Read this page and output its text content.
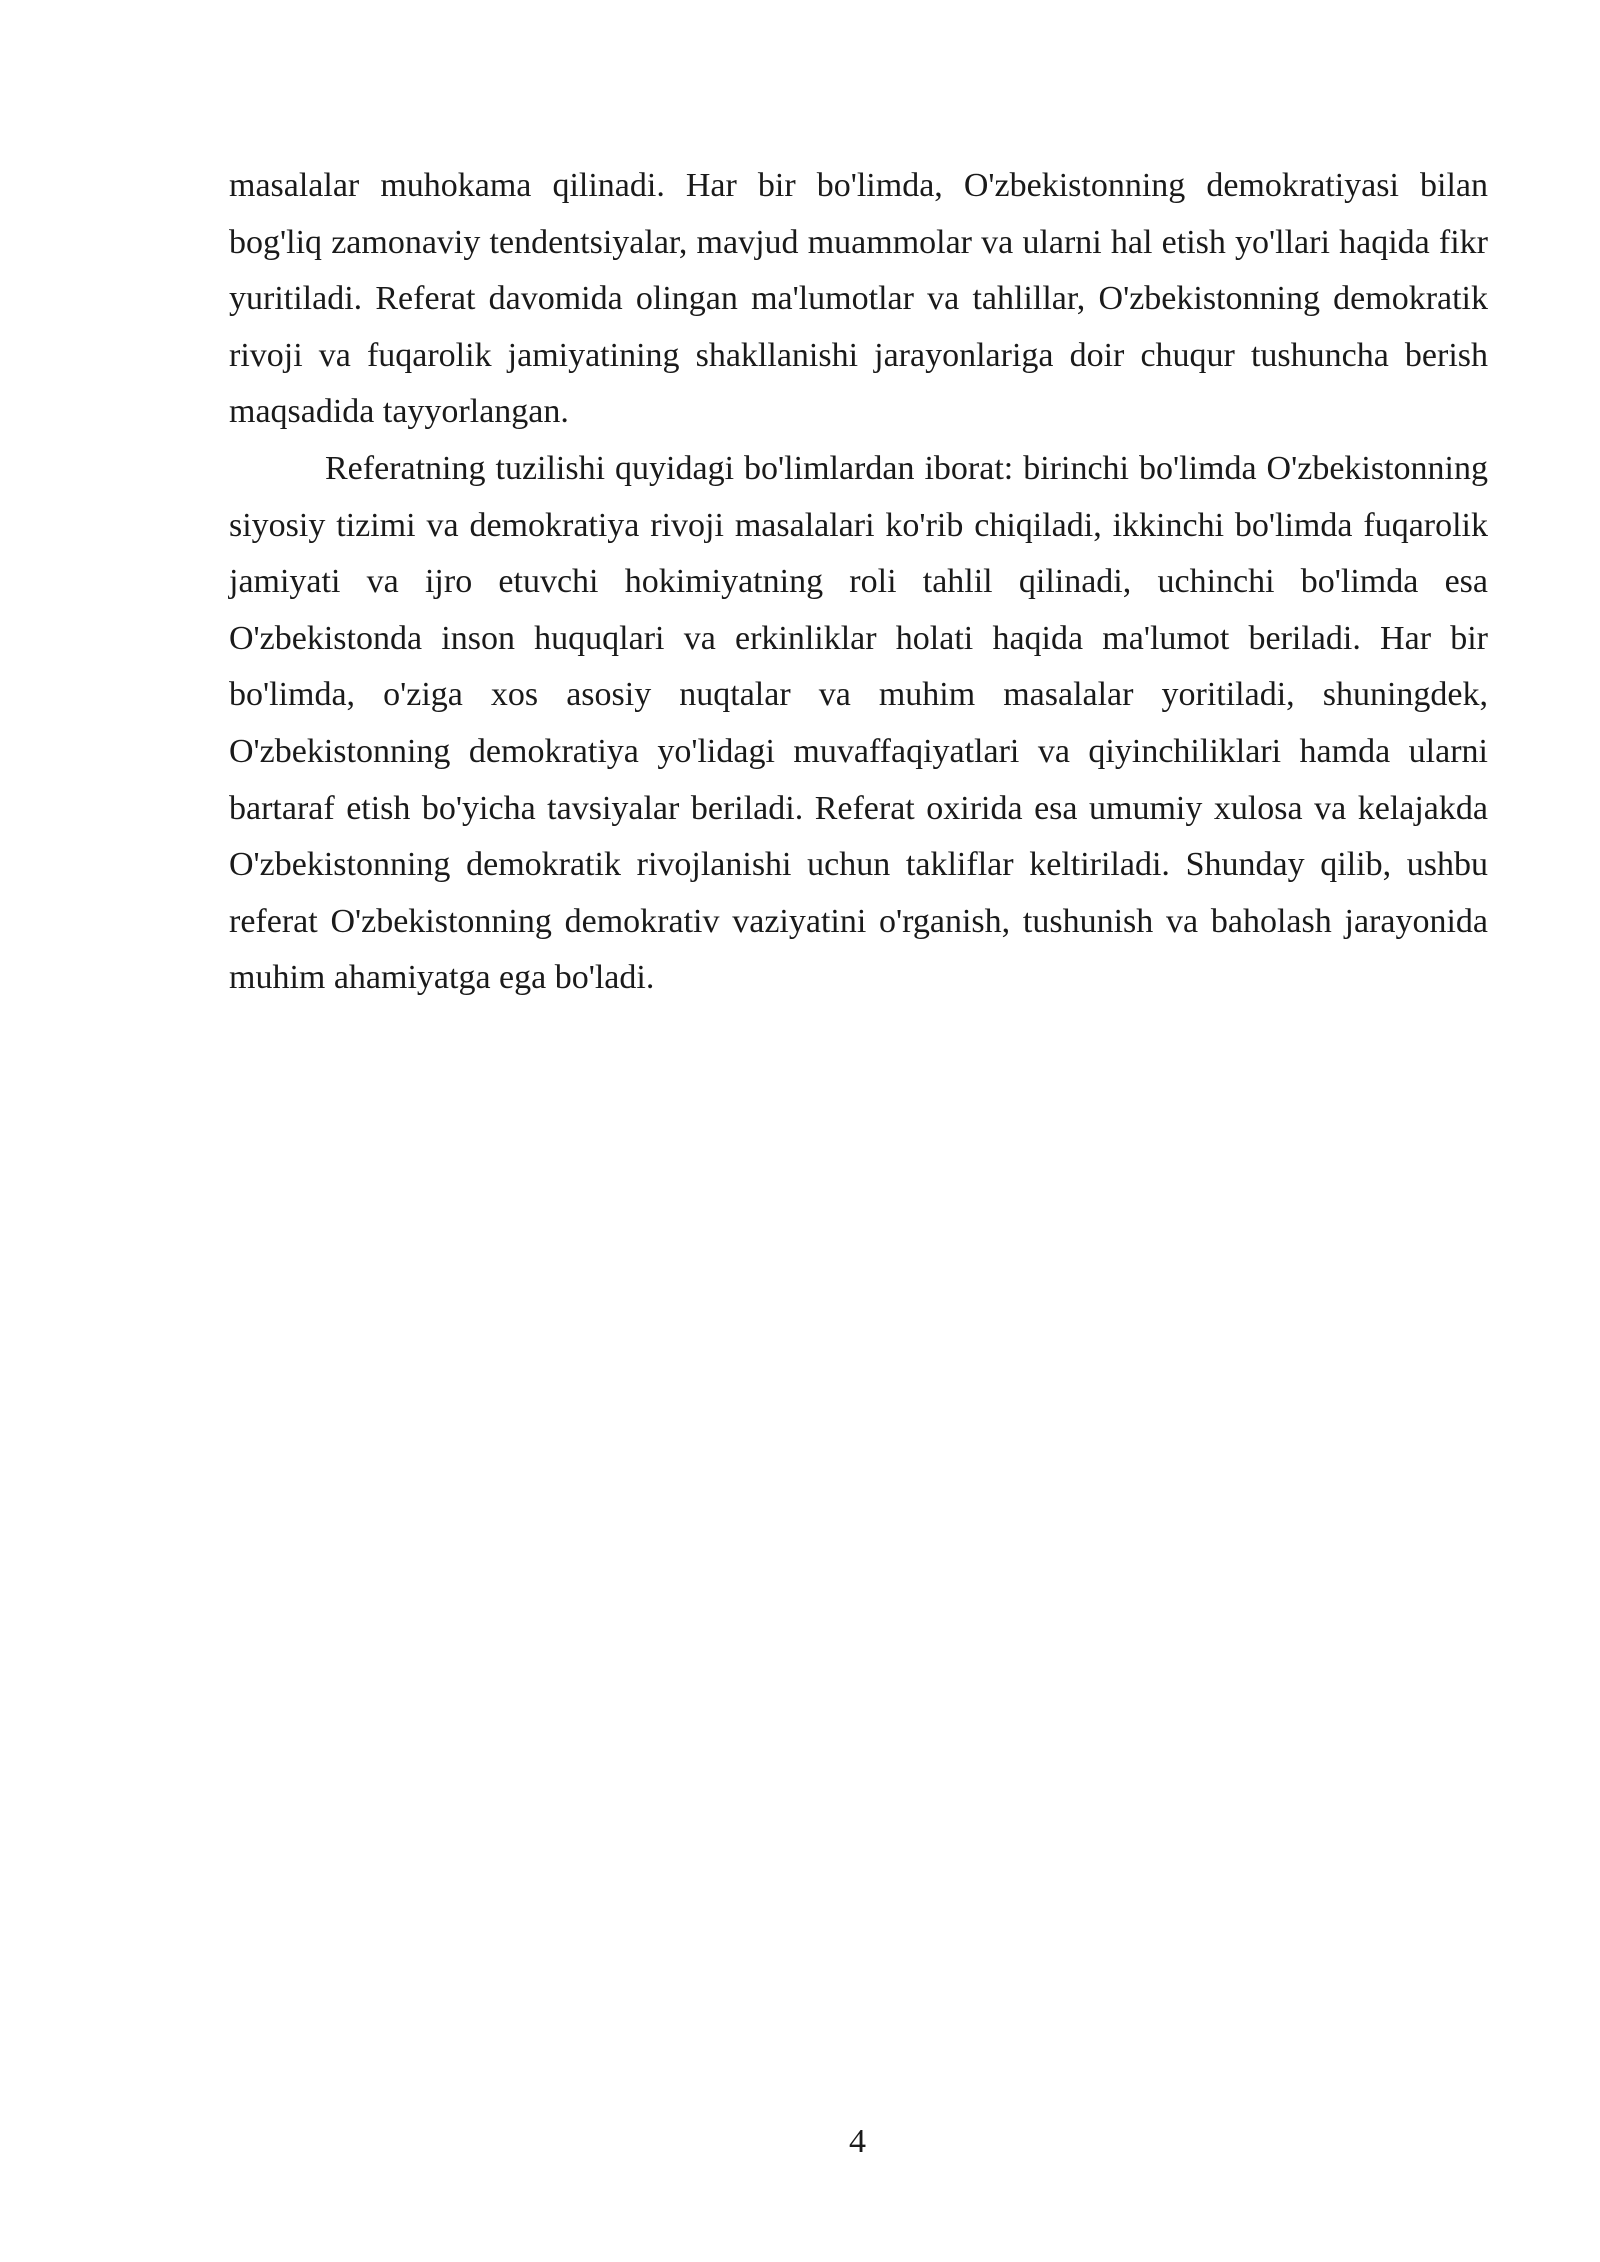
masalalar muhokama qilinadi. Har bir bo'limda, O'zbekistonning demokratiyasi bilan bog'liq zamonaviy tendentsiyalar, mavjud muammolar va ularni hal etish yo'llari haqida fikr yuritiladi. Referat davomida olingan ma'lumotlar va tahlillar, O'zbekistonning demokratik rivoji va fuqarolik jamiyatining shakllanishi jarayonlariga doir chuqur tushuncha berish maqsadida tayyorlangan.

Referatning tuzilishi quyidagi bo'limlardan iborat: birinchi bo'limda O'zbekistonning siyosiy tizimi va demokratiya rivoji masalalari ko'rib chiqiladi, ikkinchi bo'limda fuqarolik jamiyati va ijro etuvchi hokimiyatning roli tahlil qilinadi, uchinchi bo'limda esa O'zbekistonda inson huquqlari va erkinliklar holati haqida ma'lumot beriladi. Har bir bo'limda, o'ziga xos asosiy nuqtalar va muhim masalalar yoritiladi, shuningdek, O'zbekistonning demokratiya yo'lidagi muvaffaqiyatlari va qiyinchiliklari hamda ularni bartaraf etish bo'yicha tavsiyalar beriladi. Referat oxirida esa umumiy xulosa va kelajakda O'zbekistonning demokratik rivojlanishi uchun takliflar keltiriladi. Shunday qilib, ushbu referat O'zbekistonning demokrativ vaziyatini o'rganish, tushunish va baholash jarayonida muhim ahamiyatga ega bo'ladi.

4
